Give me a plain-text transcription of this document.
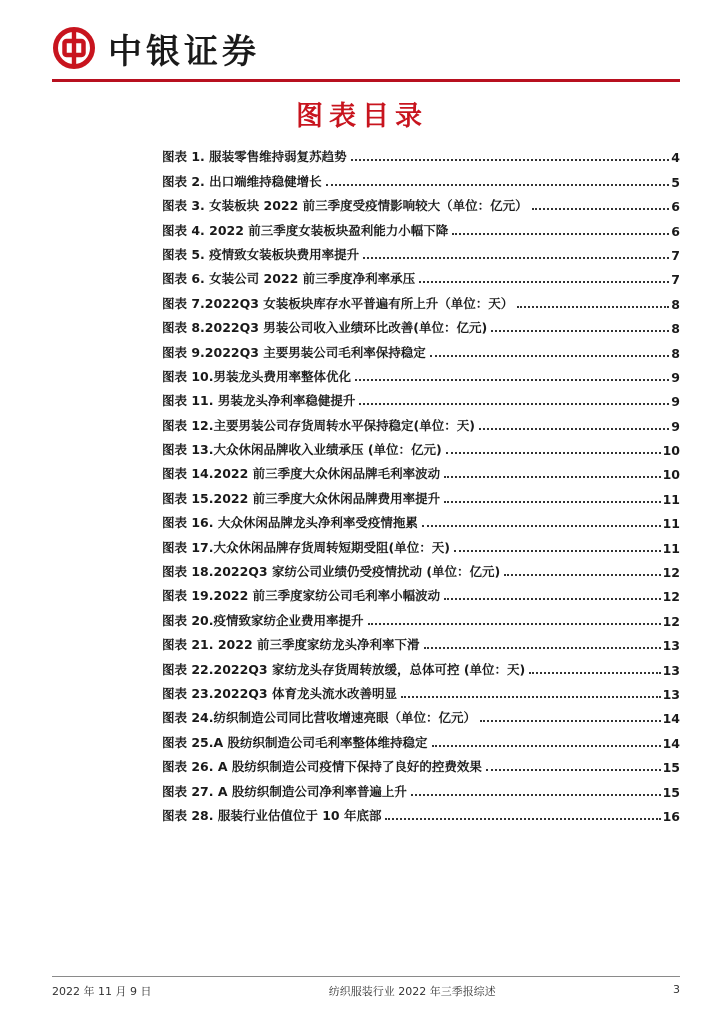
中银证券
图表目录
图表 1. 服装零售维持弱复苏趋势	4
图表 2. 出口端维持稳健增长	5
图表 3. 女装板块 2022 前三季度受疫情影响较大（单位：亿元）	6
图表 4. 2022 前三季度女装板块盈利能力小幅下降	6
图表 5. 疫情致女装板块费用率提升	7
图表 6. 女装公司 2022 前三季度净利率承压	7
图表 7.2022Q3 女装板块库存水平普遍有所上升（单位：天）	8
图表 8.2022Q3 男装公司收入业绩环比改善(单位：亿元)	8
图表 9.2022Q3 主要男装公司毛利率保持稳定	8
图表 10.男装龙头费用率整体优化	9
图表 11. 男装龙头净利率稳健提升	9
图表 12.主要男装公司存货周转水平保持稳定(单位：天)	9
图表 13.大众休闲品牌收入业绩承压 (单位：亿元)	10
图表 14.2022 前三季度大众休闲品牌毛利率波动	10
图表 15.2022 前三季度大众休闲品牌费用率提升	11
图表 16. 大众休闲品牌龙头净利率受疫情拖累	11
图表 17.大众休闲品牌存货周转短期受阻(单位：天)	11
图表 18.2022Q3 家纺公司业绩仍受疫情扰动 (单位：亿元)	12
图表 19.2022 前三季度家纺公司毛利率小幅波动	12
图表 20.疫情致家纺企业费用率提升	12
图表 21. 2022 前三季度家纺龙头净利率下滑	13
图表 22.2022Q3 家纺龙头存货周转放缓，总体可控 (单位：天)	13
图表 23.2022Q3 体育龙头流水改善明显	13
图表 24.纺织制造公司同比营收增速亮眼（单位：亿元）	14
图表 25.A 股纺织制造公司毛利率整体维持稳定	14
图表 26. A 股纺织制造公司疫情下保持了良好的控费效果	15
图表 27. A 股纺织制造公司净利率普遍上升	15
图表 28. 服装行业估值位于 10 年底部	16
2022 年 11 月 9 日	纺织服装行业 2022 年三季报综述	3
